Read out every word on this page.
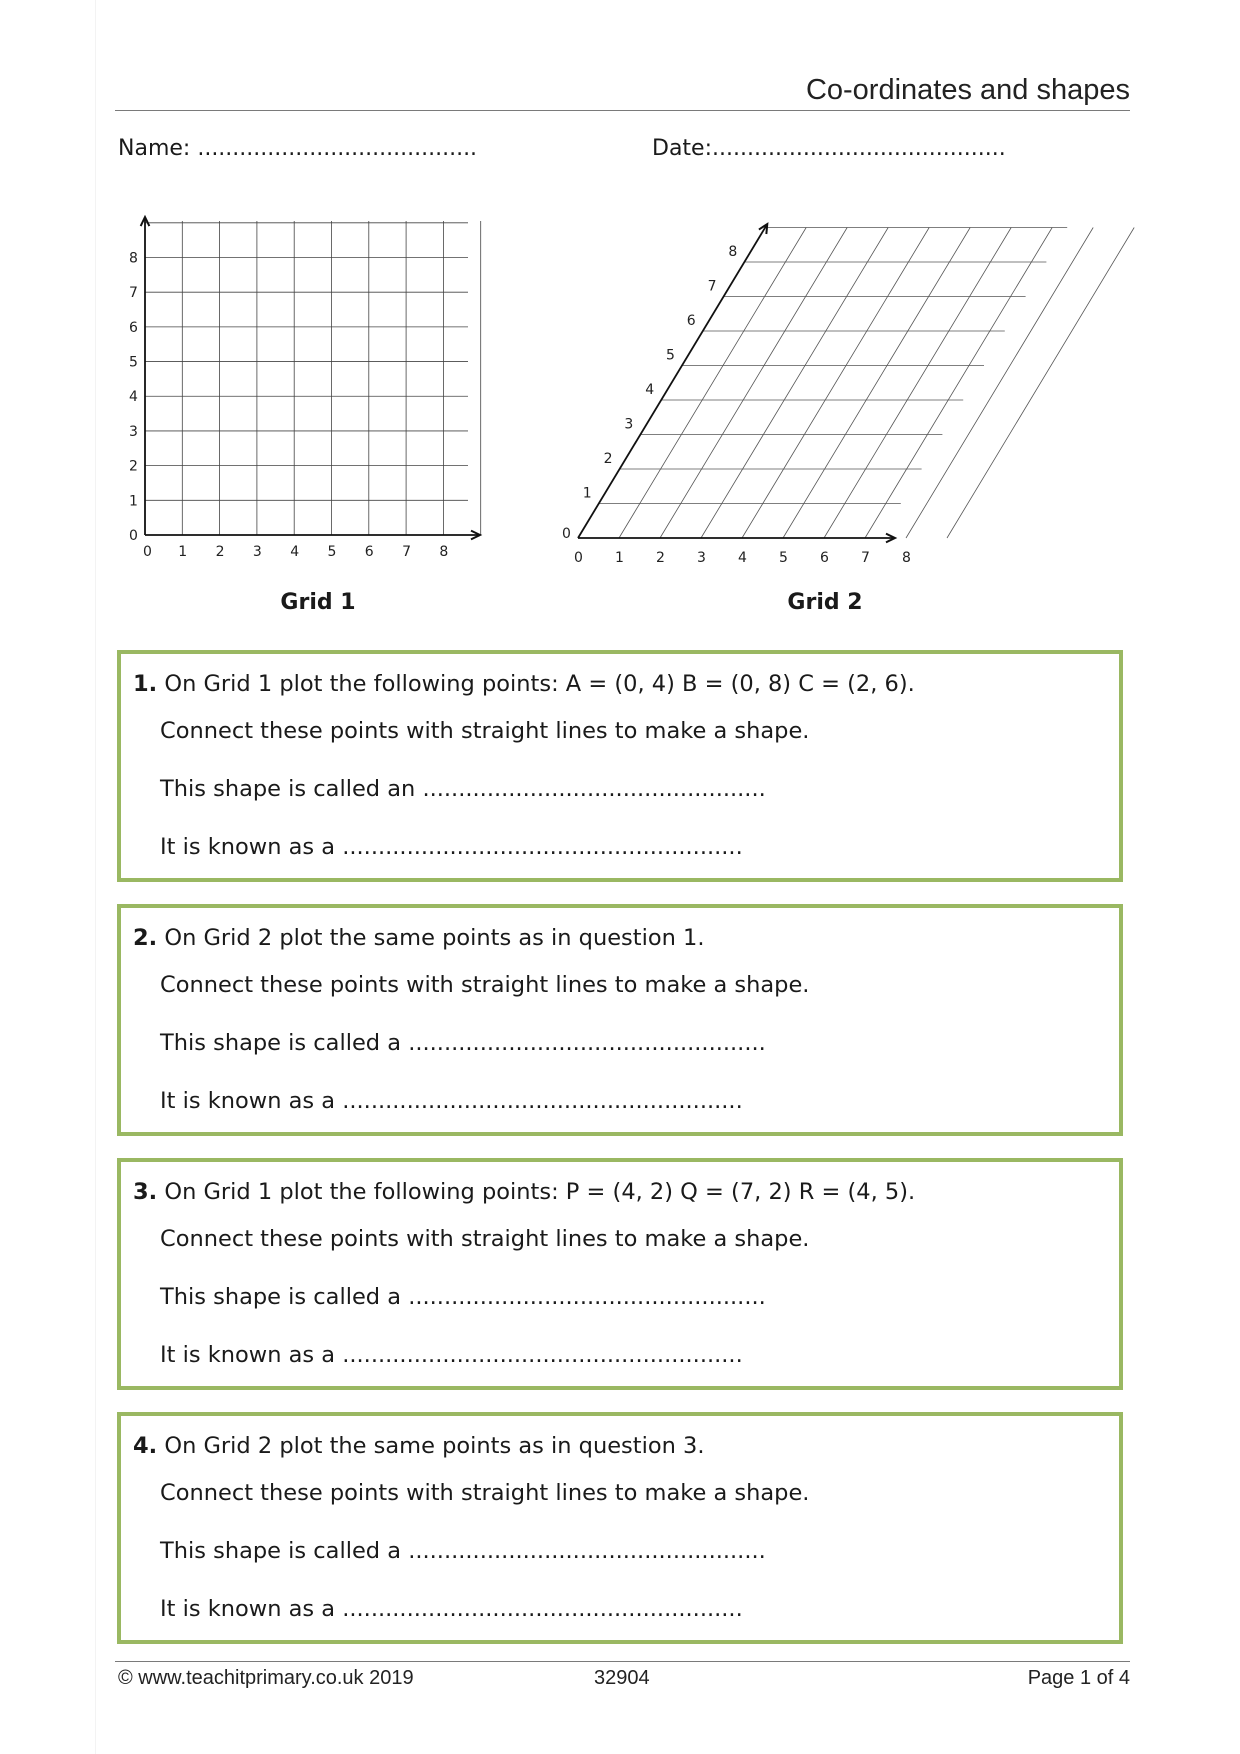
Co-ordinates and shapes
Name: ........................................	Date:..........................................
0 1 2 3 4 5 6 7 8
0
1
2
3
4
5
6
7
8
Grid 1
0 1 2 3 4 5 6 7 8
0
1
2
3
4
5
6
7
8
Grid 2
1. On Grid 1 plot the following points: A = (0, 4) B = (0, 8) C = (2, 6).
Connect these points with straight lines to make a shape.
This shape is called an ................................................
It is known as a ........................................................
2. On Grid 2 plot the same points as in question 1.
Connect these points with straight lines to make a shape.
This shape is called a ..................................................
It is known as a ........................................................
3. On Grid 1 plot the following points: P = (4, 2) Q = (7, 2) R = (4, 5).
Connect these points with straight lines to make a shape.
This shape is called a ..................................................
It is known as a ........................................................
4. On Grid 2 plot the same points as in question 3.
Connect these points with straight lines to make a shape.
This shape is called a ..................................................
It is known as a ........................................................
© www.teachitprimary.co.uk 2019	32904	Page 1 of 4
